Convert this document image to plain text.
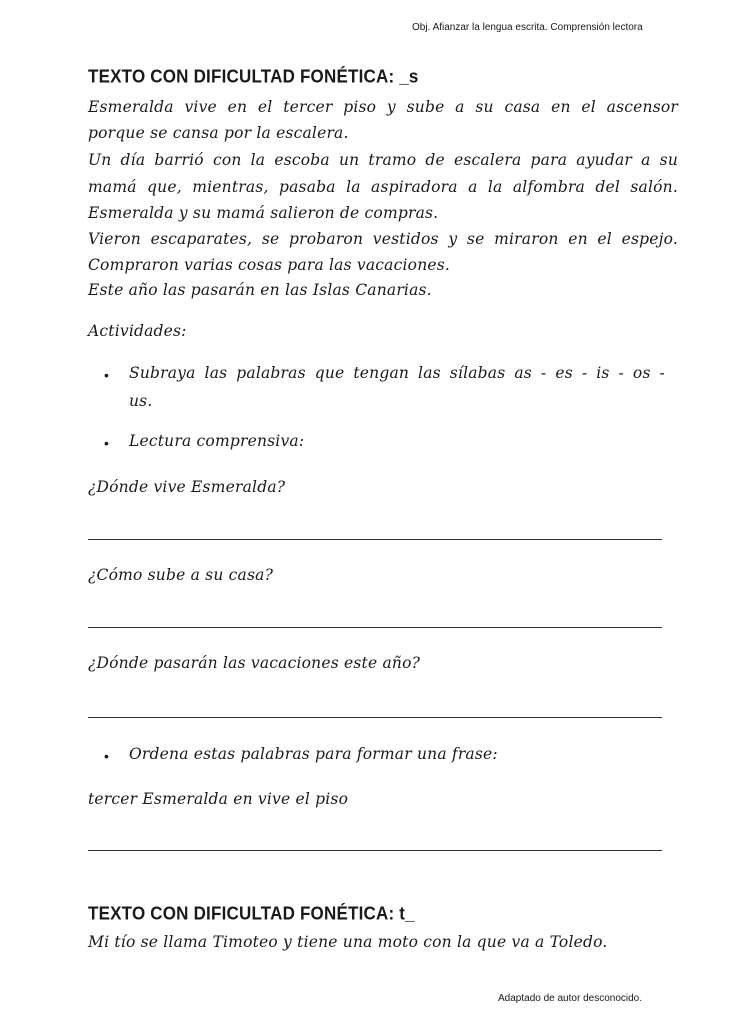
Obj. Afianzar la lengua escrita. Comprensión lectora
TEXTO CON DIFICULTAD FONÉTICA: _s
Esmeralda vive en el tercer piso y sube a su casa en el ascensor
porque se cansa por la escalera.
Un día barrió con la escoba un tramo de escalera para ayudar a su
mamá que, mientras, pasaba la aspiradora a la alfombra del salón.
Esmeralda y su mamá salieron de compras.
Vieron escaparates, se probaron vestidos y se miraron en el espejo.
Compraron varias cosas para las vacaciones.
Este año las pasarán en las Islas Canarias.
Actividades:
• Subraya las palabras que tengan las sílabas as - es - is - os -
us.
• Lectura comprensiva:
¿Dónde vive Esmeralda?
¿Cómo sube a su casa?
¿Dónde pasarán las vacaciones este año?
• Ordena estas palabras para formar una frase:
tercer Esmeralda en vive el piso
TEXTO CON DIFICULTAD FONÉTICA: t_
Mi tío se llama Timoteo y tiene una moto con la que va a Toledo.
Adaptado de autor desconocido.
